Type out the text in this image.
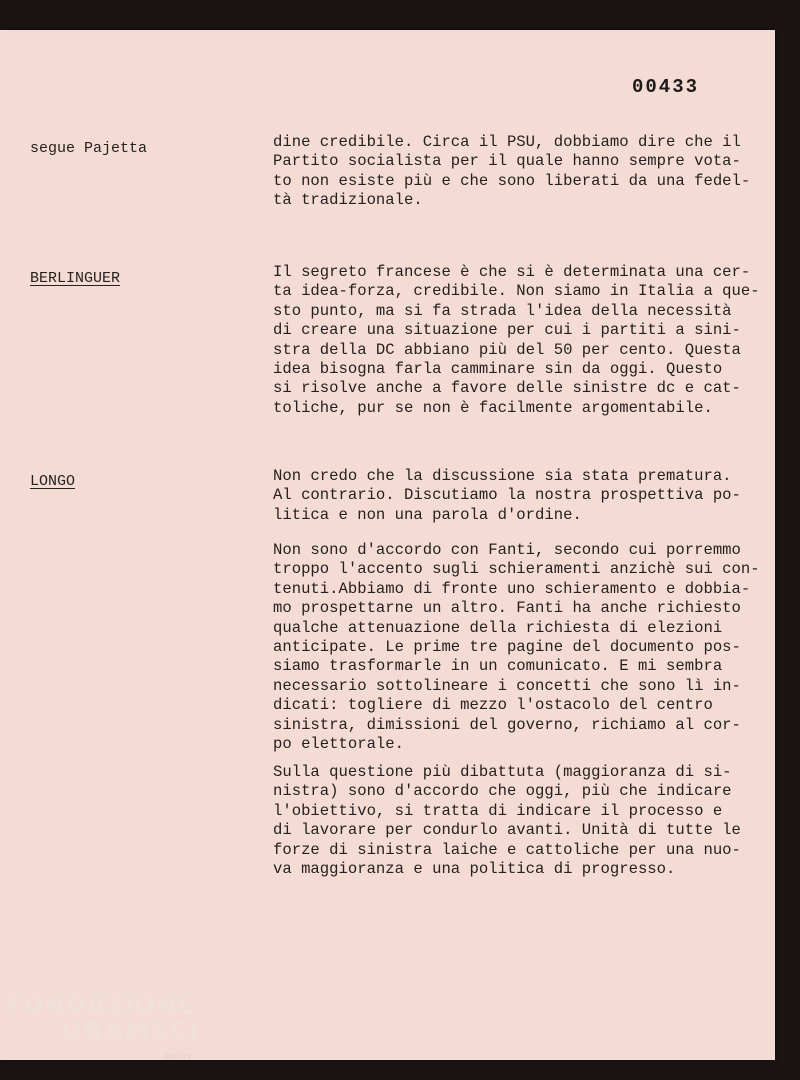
00433
segue Pajetta	dine credibile. Circa il PSU, dobbiamo dire che il
Partito socialista per il quale hanno sempre vota-
to non esiste più e che sono liberati da una fedel-
tà tradizionale.
BERLINGUER	Il segreto francese è che si è determinata una cer-
ta idea-forza, credibile. Non siamo in Italia a que-
sto punto, ma si fa strada l'idea della necessità
di creare una situazione per cui i partiti a sini-
stra della DC abbiano più del 50 per cento. Questa
idea bisogna farla camminare sin da oggi. Questo
si risolve anche a favore delle sinistre dc e cat-
toliche, pur se non è facilmente argomentabile.
LONGO	Non credo che la discussione sia stata prematura.
Al contrario. Discutiamo la nostra prospettiva po-
litica e non una parola d'ordine.
Non sono d'accordo con Fanti, secondo cui porremmo
troppo l'accento sugli schieramenti anzichè sui con-
tenuti.Abbiamo di fronte uno schieramento e dobbia-
mo prospettarne un altro. Fanti ha anche richiesto
qualche attenuazione della richiesta di elezioni
anticipate. Le prime tre pagine del documento pos-
siamo trasformarle in un comunicato. E mi sembra
necessario sottolineare i concetti che sono lì in-
dicati: togliere di mezzo l'ostacolo del centro
sinistra, dimissioni del governo, richiamo al cor-
po elettorale.
Sulla questione più dibattuta (maggioranza di si-
nistra) sono d'accordo che oggi, più che indicare
l'obiettivo, si tratta di indicare il processo e
di lavorare per condurlo avanti. Unità di tutte le
forze di sinistra laiche e cattoliche per una nuo-
va maggioranza e una politica di progresso.
FONDAZIONE
GRAMSCI
onlus
